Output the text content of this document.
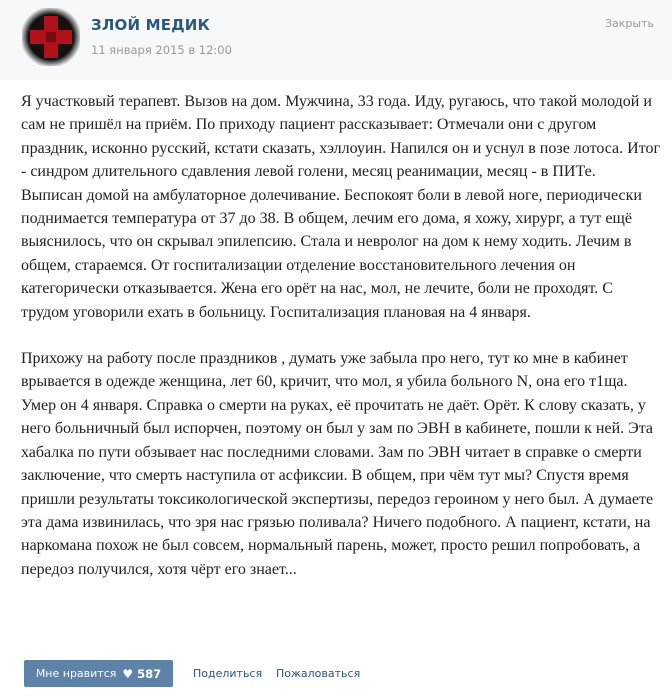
ЗЛОЙ МЕДИК
11 января 2015 в 12:00
Закрыть

Я участковый терапевт. Вызов на дом. Мужчина, 33 года. Иду, ругаюсь, что такой молодой и сам не пришёл на приём. По приходу пациент рассказывает: Отмечали они с другом праздник, исконно русский, кстати сказать, хэллоуин. Напился он и уснул в позе лотоса. Итог - синдром длительного сдавления левой голени, месяц реанимации, месяц - в ПИТе. Выписан домой на амбулаторное долечивание. Беспокоят боли в левой ноге, периодически поднимается температура от 37 до 38. В общем, лечим его дома, я хожу, хирург, а тут ещё выяснилось, что он скрывал эпилепсию. Стала и невролог на дом к нему ходить. Лечим в общем, стараемся. От госпитализации отделение восстановительного лечения он категорически отказывается. Жена его орёт на нас, мол, не лечите, боли не проходят. С трудом уговорили ехать в больницу. Госпитализация плановая на 4 января.

Прихожу на работу после праздников , думать уже забыла про него, тут ко мне в кабинет врывается в одежде женщина, лет 60, кричит, что мол, я убила больного N, она его т1ща. Умер он 4 января. Справка о смерти на руках, её прочитать не даёт. Орёт. К слову сказать, у него больничный был испорчен, поэтому он был у зам по ЭВН в кабинете, пошли к ней. Эта хабалка по пути обзывает нас последними словами. Зам по ЭВН читает в справке о смерти заключение, что смерть наступила от асфиксии. В общем, при чём тут мы? Спустя время пришли результаты токсикологической экспертизы, передоз героином у него был. А думаете эта дама извинилась, что зря нас грязью поливала? Ничего подобного. А пациент, кстати, на наркомана похож не был совсем, нормальный парень, может, просто решил попробовать, а передоз получился, хотя чёрт его знает...

Мне нравится ♥ 587	Поделиться Пожаловаться
